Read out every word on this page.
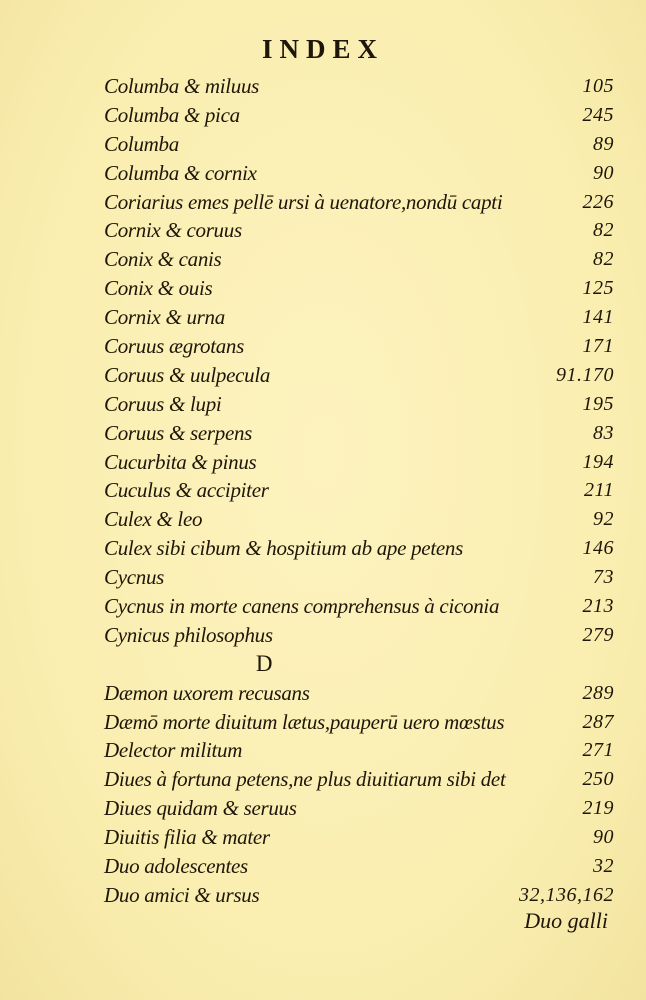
INDEX
Columba & miluus	105
Columba & pica	245
Columba	89
Columba & cornix	90
Coriarius emes pellē ursi à uenatore,nondū capti	226
Cornix & coruus	82
Conix & canis	82
Conix & ouis	125
Cornix & urna	141
Coruus ægrotans	171
Coruus & uulpecula	91.170
Coruus & lupi	195
Coruus & serpens	83
Cucurbita & pinus	194
Cuculus & accipiter	211
Culex & leo	92
Culex sibi cibum & hospitium ab ape petens	146
Cycnus	73
Cycnus in morte canens comprehensus à ciconia	213
Cynicus philosophus	279
D
Dæmon uxorem recusans	289
Dæmō morte diuitum lætus,pauperū uero mœstus	287
Delector militum	271
Diues à fortuna petens,ne plus diuitiarum sibi det	250
Diues quidam & seruus	219
Diuitis filia & mater	90
Duo adolescentes	32
Duo amici & ursus	32,136,162
Duo galli
